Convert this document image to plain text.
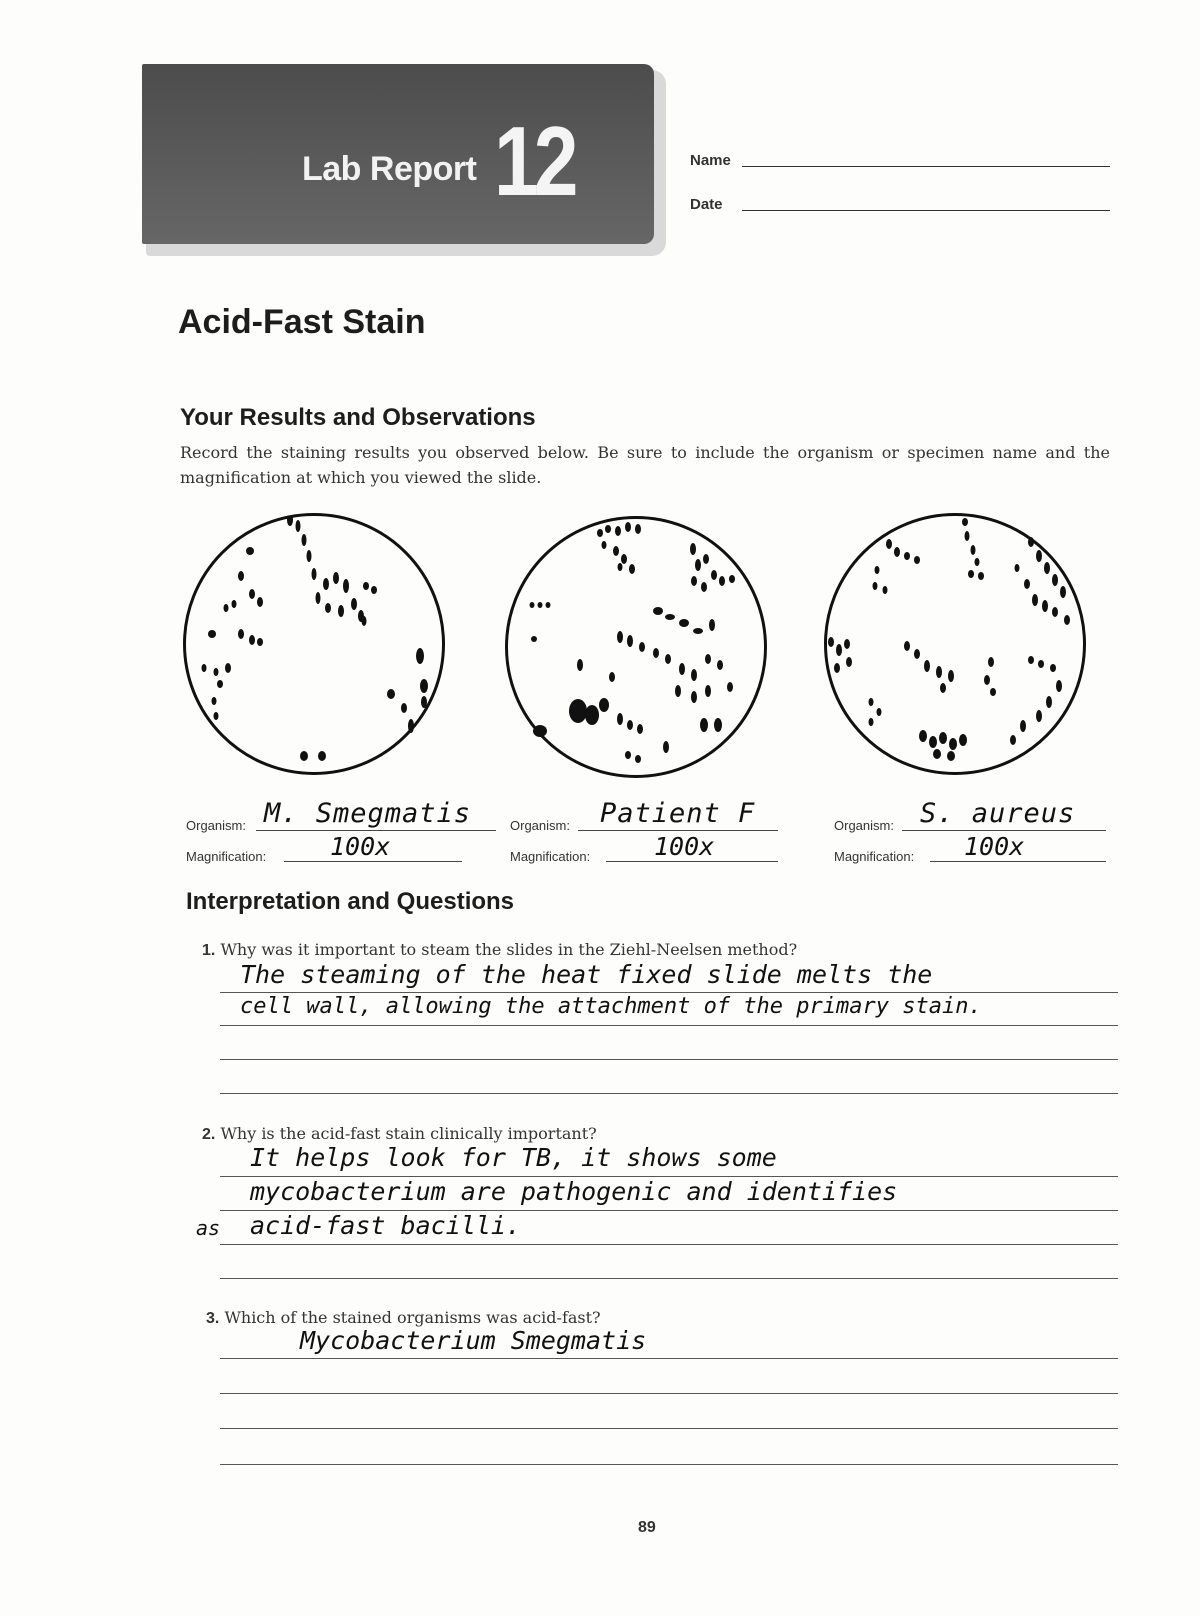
Lab Report 12	Name
Date
Acid-Fast Stain
Your Results and Observations
Record the staining results you observed below. Be sure to include the organism or specimen name and the magnification at which you viewed the slide.
Organism: M. Smegmatis
Magnification:	100x
Organism: Patient F
Magnification:	100x
Organism: S. aureus
Magnification: 100x
Interpretation and Questions
1. Why was it important to steam the slides in the Ziehl-Neelsen method?
The steaming of the heat fixed slide melts the
cell wall, allowing the attachment of the primary stain.
2. Why is the acid-fast stain clinically important?
It helps look for TB, it shows some
mycobacterium are pathogenic and identifies
as acid-fast bacilli.
3. Which of the stained organisms was acid-fast?
Mycobacterium Smegmatis
89
